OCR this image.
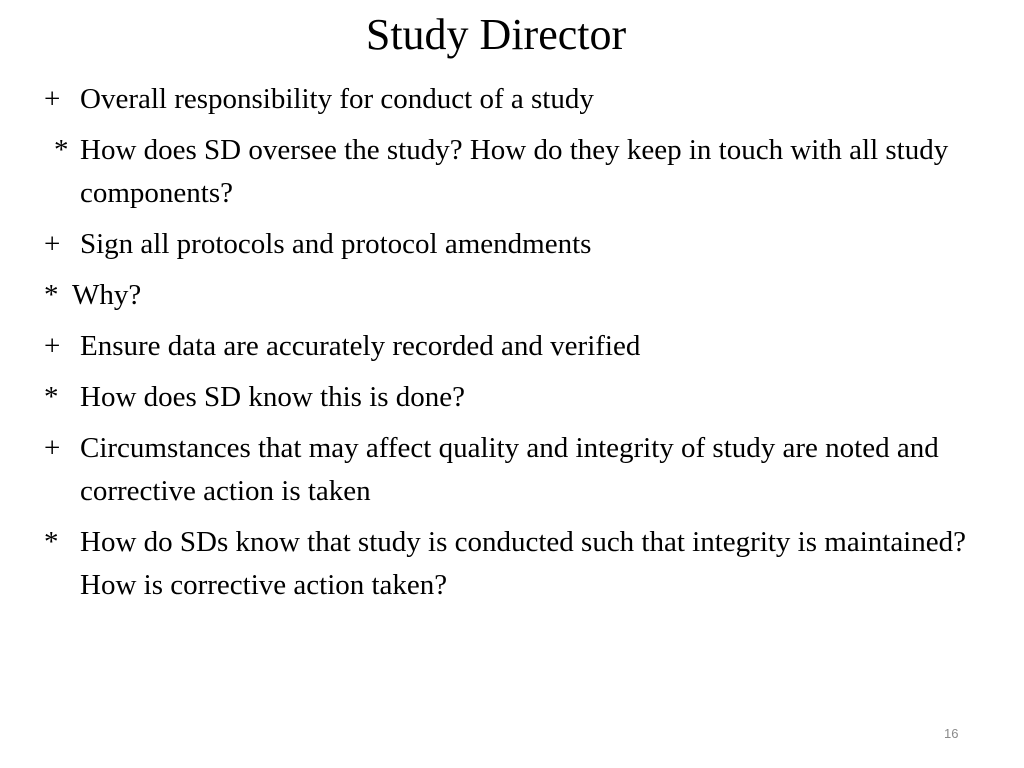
Study Director
+ Overall responsibility for conduct of a study
* How does SD oversee the study? How do they keep in touch with all study components?
+ Sign all protocols and protocol amendments
* Why?
+ Ensure data are accurately recorded and verified
* How does SD know this is done?
+ Circumstances that may affect quality and integrity of study are noted and corrective action is taken
* How do SDs know that study is conducted such that integrity is maintained? How is corrective action taken?
16
